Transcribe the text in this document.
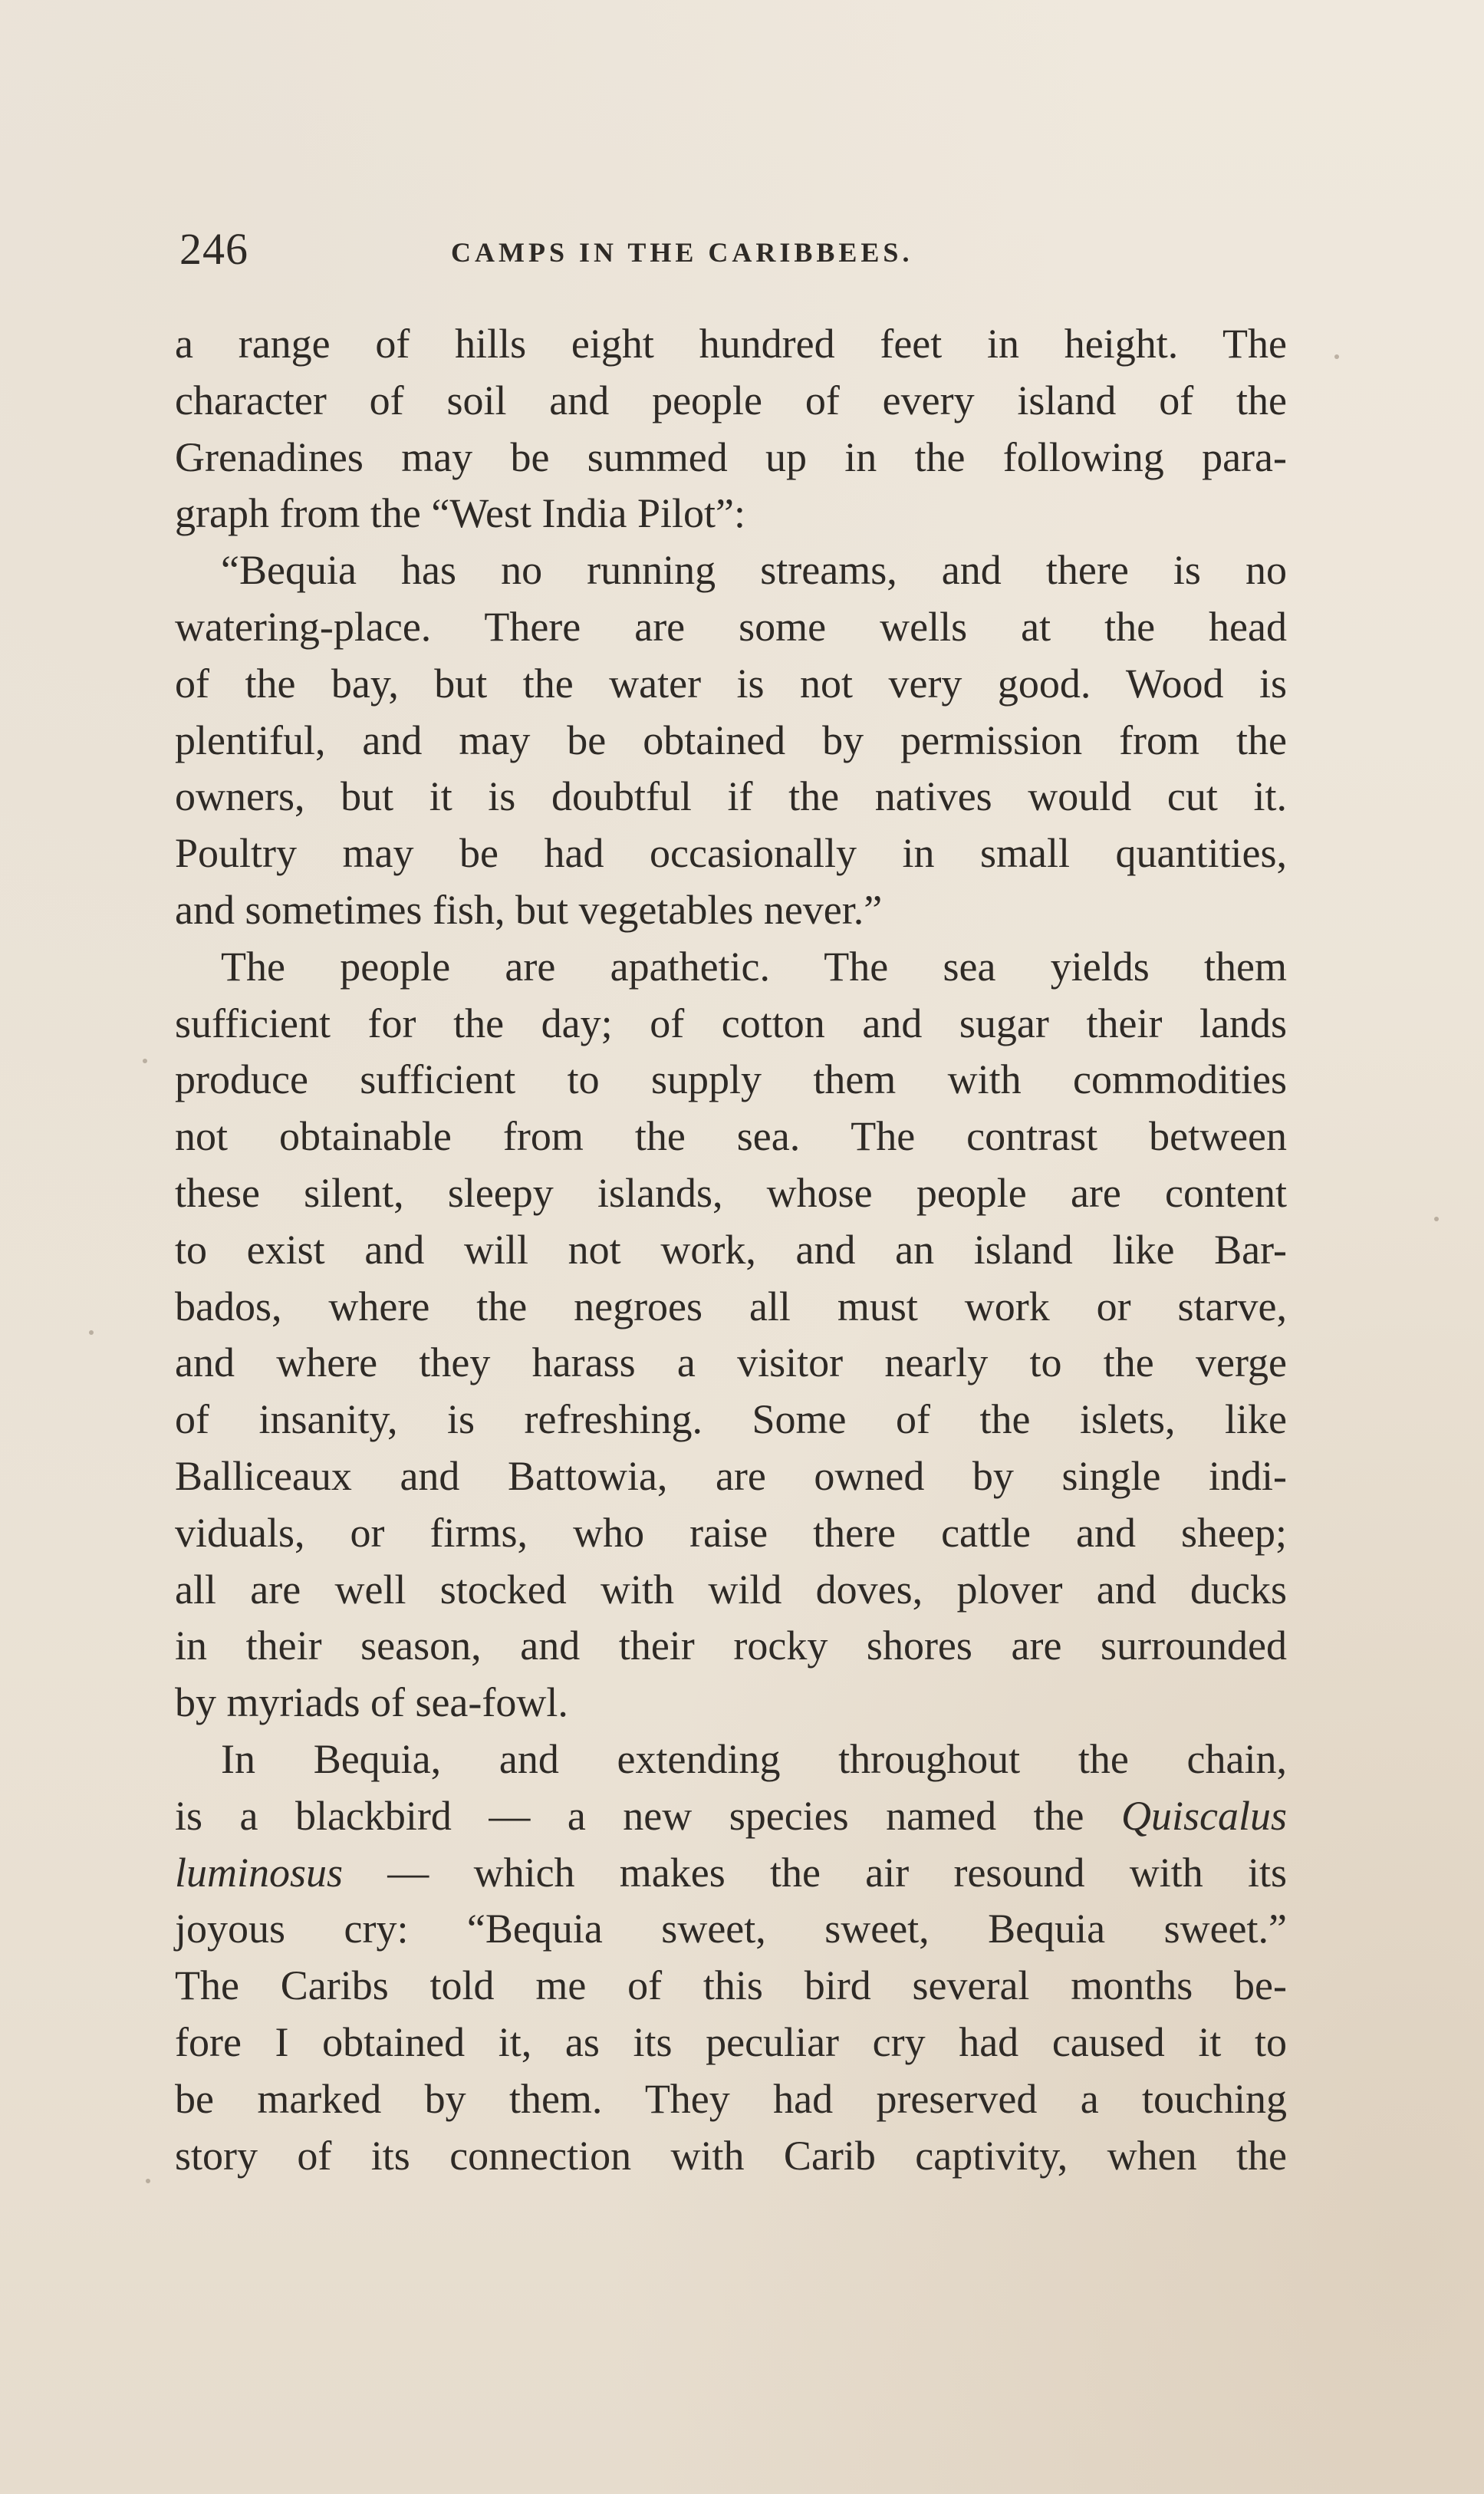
246	CAMPS IN THE CARIBBEES.
a range of hills eight hundred feet in height. The
character of soil and people of every island of the
Grenadines may be summed up in the following para-
graph from the “West India Pilot”:
“Bequia has no running streams, and there is no
watering-place. There are some wells at the head
of the bay, but the water is not very good. Wood is
plentiful, and may be obtained by permission from the
owners, but it is doubtful if the natives would cut it.
Poultry may be had occasionally in small quantities,
and sometimes fish, but vegetables never.”
The people are apathetic. The sea yields them
sufficient for the day; of cotton and sugar their lands
produce sufficient to supply them with commodities
not obtainable from the sea. The contrast between
these silent, sleepy islands, whose people are content
to exist and will not work, and an island like Bar-
bados, where the negroes all must work or starve,
and where they harass a visitor nearly to the verge
of insanity, is refreshing. Some of the islets, like
Balliceaux and Battowia, are owned by single indi-
viduals, or firms, who raise there cattle and sheep;
all are well stocked with wild doves, plover and ducks
in their season, and their rocky shores are surrounded
by myriads of sea-fowl.
In Bequia, and extending throughout the chain,
is a blackbird — a new species named the Quiscalus
luminosus — which makes the air resound with its
joyous cry: “Bequia sweet, sweet, Bequia sweet.”
The Caribs told me of this bird several months be-
fore I obtained it, as its peculiar cry had caused it to
be marked by them. They had preserved a touching
story of its connection with Carib captivity, when the
